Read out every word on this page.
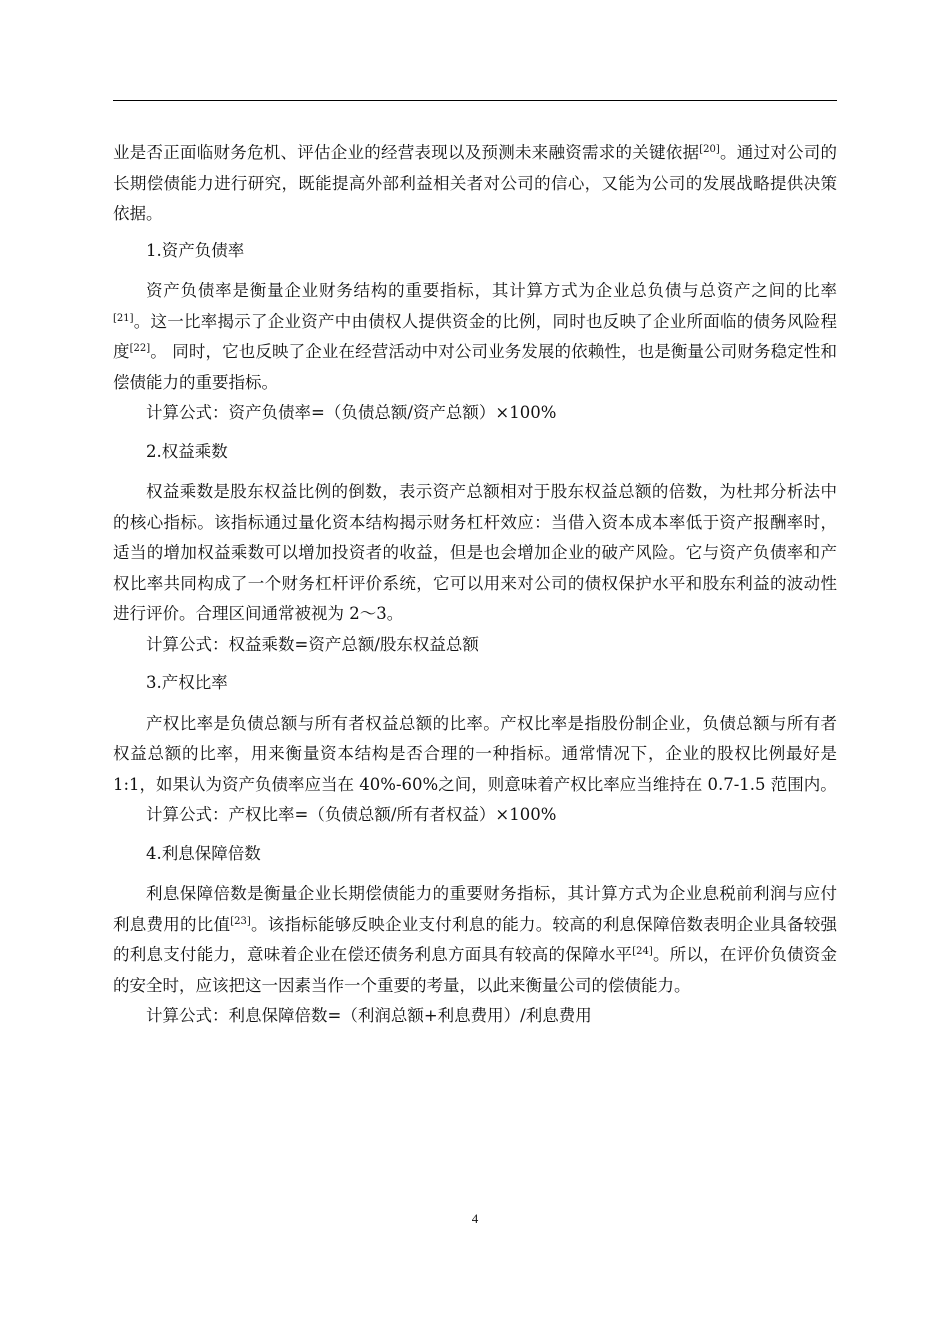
业是否正面临财务危机、评估企业的经营表现以及预测未来融资需求的关键依据[20]。通过对公司的长期偿债能力进行研究，既能提高外部利益相关者对公司的信心，又能为公司的发展战略提供决策依据。

1.资产负债率

资产负债率是衡量企业财务结构的重要指标，其计算方式为企业总负债与总资产之间的比率[21]。这一比率揭示了企业资产中由债权人提供资金的比例，同时也反映了企业所面临的债务风险程度[22]。 同时，它也反映了企业在经营活动中对公司业务发展的依赖性，也是衡量公司财务稳定性和偿债能力的重要指标。

计算公式：资产负债率=（负债总额/资产总额）×100%

2.权益乘数

权益乘数是股东权益比例的倒数，表示资产总额相对于股东权益总额的倍数，为杜邦分析法中的核心指标。该指标通过量化资本结构揭示财务杠杆效应：当借入资本成本率低于资产报酬率时，适当的增加权益乘数可以增加投资者的收益，但是也会增加企业的破产风险。它与资产负债率和产权比率共同构成了一个财务杠杆评价系统，它可以用来对公司的债权保护水平和股东利益的波动性进行评价。合理区间通常被视为 2～3。

计算公式：权益乘数=资产总额/股东权益总额

3.产权比率

产权比率是负债总额与所有者权益总额的比率。产权比率是指股份制企业，负债总额与所有者权益总额的比率，用来衡量资本结构是否合理的一种指标。通常情况下，企业的股权比例最好是 1:1，如果认为资产负债率应当在 40%-60%之间，则意味着产权比率应当维持在 0.7-1.5 范围内。

计算公式：产权比率=（负债总额/所有者权益）×100%

4.利息保障倍数

利息保障倍数是衡量企业长期偿债能力的重要财务指标，其计算方式为企业息税前利润与应付利息费用的比值[23]。该指标能够反映企业支付利息的能力。较高的利息保障倍数表明企业具备较强的利息支付能力，意味着企业在偿还债务利息方面具有较高的保障水平[24]。所以，在评价负债资金的安全时，应该把这一因素当作一个重要的考量，以此来衡量公司的偿债能力。

计算公式：利息保障倍数=（利润总额+利息费用）/利息费用

4
